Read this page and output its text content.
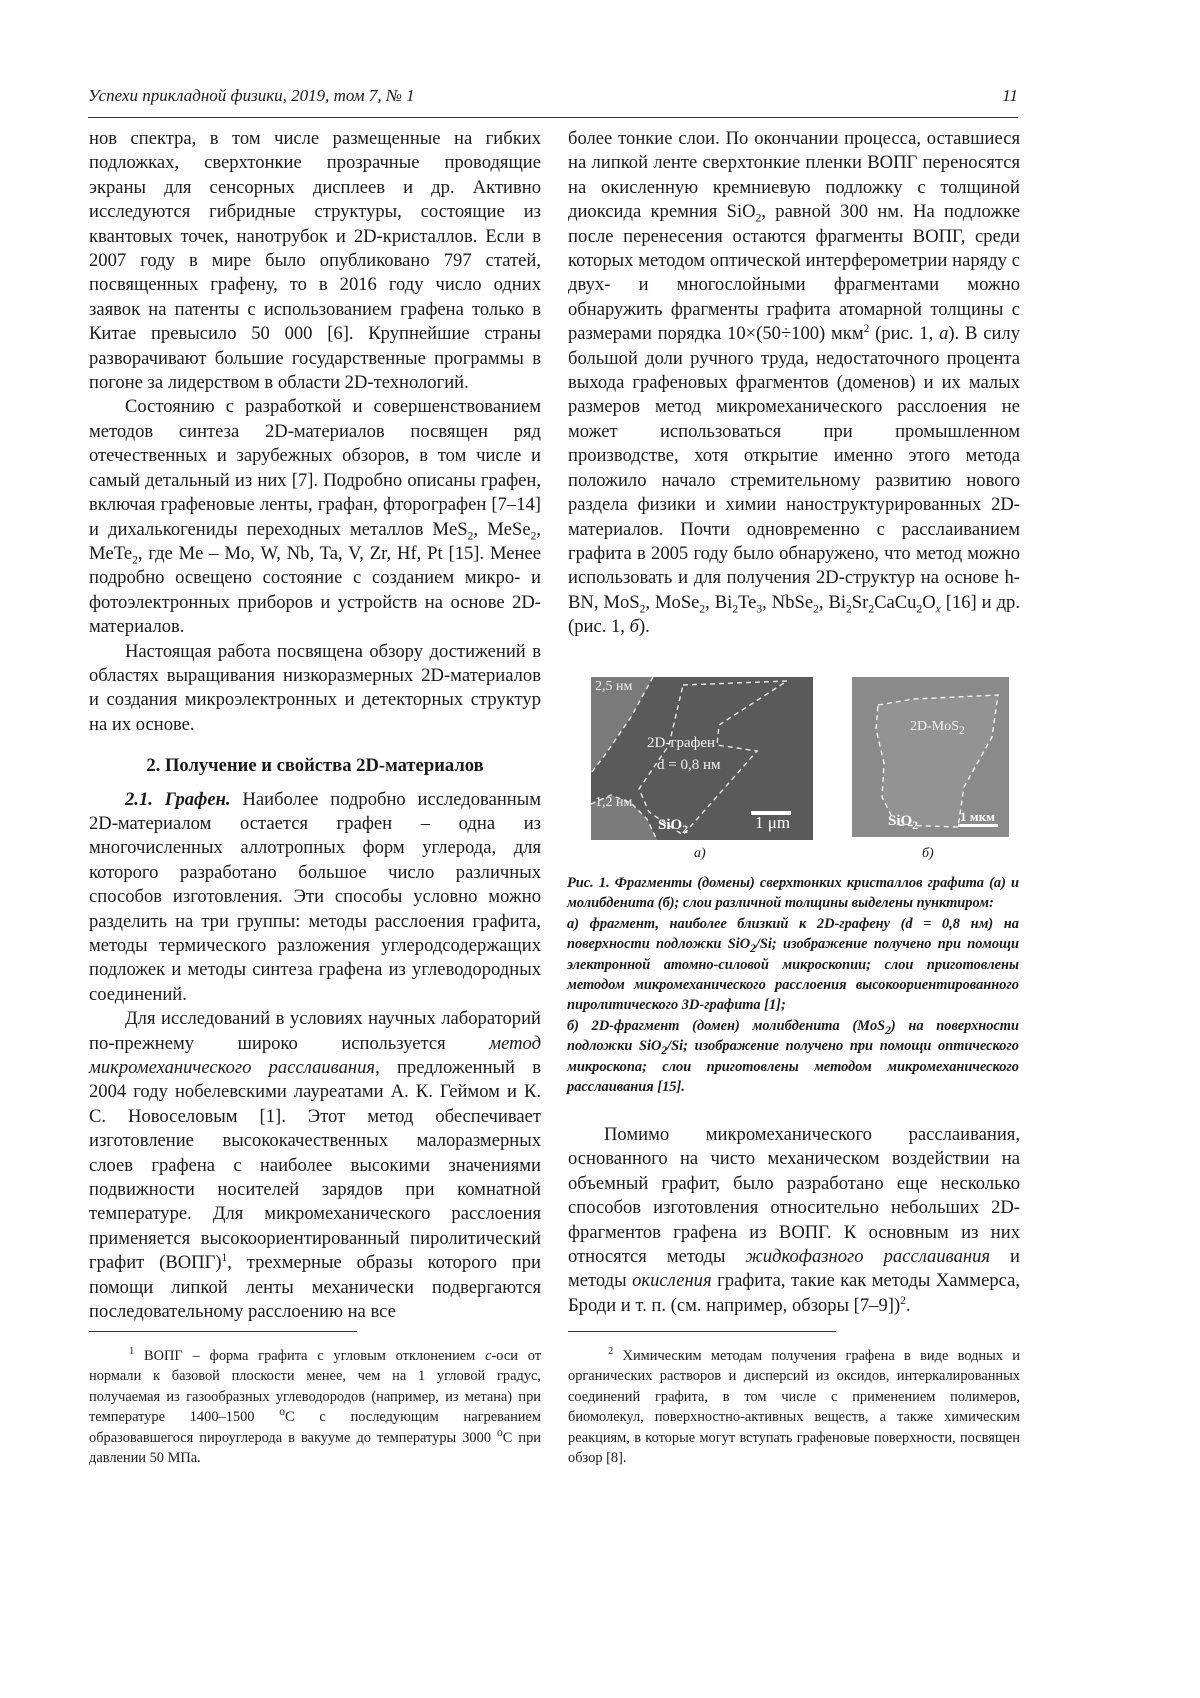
Успехи прикладной физики, 2019, том 7, № 1	11

нов спектра, в том числе размещенные на гибких подложках, сверхтонкие прозрачные проводящие экраны для сенсорных дисплеев и др. Активно исследуются гибридные структуры, состоящие из квантовых точек, нанотрубок и 2D-кристаллов. Если в 2007 году в мире было опубликовано 797 статей, посвященных графену, то в 2016 году число одних заявок на патенты с использованием графена только в Китае превысило 50 000 [6]. Крупнейшие страны разворачивают большие государственные программы в погоне за лидерством в области 2D-технологий.

Состоянию с разработкой и совершенствованием методов синтеза 2D-материалов посвящен ряд отечественных и зарубежных обзоров, в том числе и самый детальный из них [7]. Подробно описаны графен, включая графеновые ленты, графан, фторографен [7–14] и дихалькогениды переходных металлов MeS$_2$, MeSe$_2$, MeTe$_2$, где Me – Mo, W, Nb, Ta, V, Zr, Hf, Pt [15]. Менее подробно освещено состояние с созданием микро- и фотоэлектронных приборов и устройств на основе 2D-материалов.

Настоящая работа посвящена обзору достижений в областях выращивания низкоразмерных 2D-материалов и создания микроэлектронных и детекторных структур на их основе.

2. Получение и свойства 2D-материалов

2.1. Графен. Наиболее подробно исследованным 2D-материалом остается графен – одна из многочисленных аллотропных форм углерода, для которого разработано большое число различных способов изготовления. Эти способы условно можно разделить на три группы: методы расслоения графита, методы термического разложения углеродсодержащих подложек и методы синтеза графена из углеводородных соединений.

Для исследований в условиях научных лабораторий по-прежнему широко используется метод микромеханического расслаивания, предложенный в 2004 году нобелевскими лауреатами А. К. Геймом и К. С. Новоселовым [1]. Этот метод обеспечивает изготовление высококачественных малоразмерных слоев графена с наиболее высокими значениями подвижности носителей зарядов при комнатной температуре. Для микромеханического расслоения применяется высокоориентированный пиролитический графит (ВОПГ)$^1$, трехмерные образы которого при помощи липкой ленты механически подвергаются последовательному расслоению на все

более тонкие слои. По окончании процесса, оставшиеся на липкой ленте сверхтонкие пленки ВОПГ переносятся на окисленную кремниевую подложку с толщиной диоксида кремния SiO$_2$, равной 300 нм. На подложке после перенесения остаются фрагменты ВОПГ, среди которых методом оптической интерферометрии наряду с двух- и многослойными фрагментами можно обнаружить фрагменты графита атомарной толщины с размерами порядка 10×(50÷100) мкм$^2$ (рис. 1, а). В силу большой доли ручного труда, недостаточного процента выхода графеновых фрагментов (доменов) и их малых размеров метод микромеханического расслоения не может использоваться при промышленном производстве, хотя открытие именно этого метода положило начало стремительному развитию нового раздела физики и химии наноструктурированных 2D-материалов. Почти одновременно с расслаиванием графита в 2005 году было обнаружено, что метод можно использовать и для получения 2D-структур на основе h-BN, MoS$_2$, MoSe$_2$, $Bi_2Te_3$, NbSe$_2$, $Bi_2Sr_2CaCu_2O_x$ [16] и др. (рис. 1, б).

2,5 нм
2D-графен
d = 0,8 нм
1,2 нм
SiO$_2$	1 μm
а)
2D-MoS$_2$
SiO$_2$
1 мкм
б)

Рис. 1. Фрагменты (домены) сверхтонких кристаллов графита (а) и молибденита (б); слои различной толщины выделены пунктиром:

а) фрагмент, наиболее близкий к 2D-графену (d = 0,8 нм) на поверхности подложки SiO$_2$/Si; изображение получено при помощи электронной атомно-силовой микроскопии; слои приготовлены методом микромеханического расслоения высокоориентированного пиролитического 3D-графита [1];

б) 2D-фрагмент (домен) молибденита (MoS$_2$) на поверхности подложки SiO$_2$/Si; изображение получено при помощи оптического микроскопа; слои приготовлены методом микромеханического расслаивания [15].

Помимо микромеханического расслаивания, основанного на чисто механическом воздействии на объемный графит, было разработано еще несколько способов изготовления относительно небольших 2D-фрагментов графена из ВОПГ. К основным из них относятся методы жидкофазного расслаивания и методы окисления графита, такие как методы Хаммерса, Броди и т. п. (см. например, обзоры [7–9])$^2$.

$^1$ ВОПГ – форма графита с угловым отклонением с-оси от нормали к базовой плоскости менее, чем на 1 угловой градус, получаемая из газообразных углеводородов (например, из метана) при температуре 1400–1500 $^o$С с последующим нагреванием образовавшегося пироуглерода в вакууме до температуры 3000 $^o$С при давлении 50 МПа.
$^2$ Химическим методам получения графена в виде водных и органических растворов и дисперсий из оксидов, интеркалированных соединений графита, в том числе с применением полимеров, биомолекул, поверхностно-активных веществ, а также химическим реакциям, в которые могут вступать графеновые поверхности, посвящен обзор [8].
